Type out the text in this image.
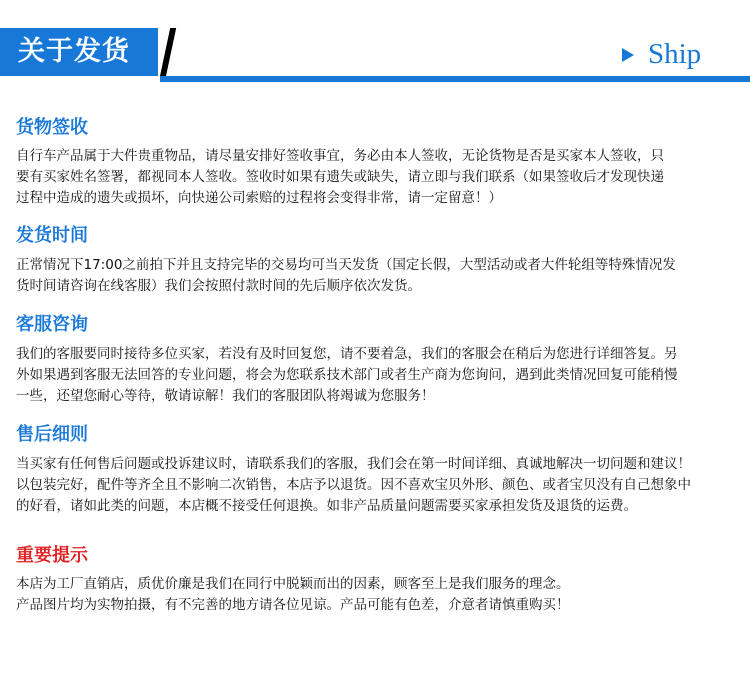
关于发货	Ship
货物签收
自行车产品属于大件贵重物品，请尽量安排好签收事宜，务必由本人签收，无论货物是否是买家本人签收，只
要有买家姓名签署，都视同本人签收。签收时如果有遗失或缺失，请立即与我们联系（如果签收后才发现快递
过程中造成的遗失或损坏，向快递公司索赔的过程将会变得非常，请一定留意！）
发货时间
正常情况下17:00之前拍下并且支持完毕的交易均可当天发货（国定长假，大型活动或者大件轮组等特殊情况发
货时间请咨询在线客服）我们会按照付款时间的先后顺序依次发货。
客服咨询
我们的客服要同时接待多位买家，若没有及时回复您，请不要着急，我们的客服会在稍后为您进行详细答复。另
外如果遇到客服无法回答的专业问题，将会为您联系技术部门或者生产商为您询问，遇到此类情况回复可能稍慢
一些，还望您耐心等待，敬请谅解！我们的客服团队将竭诚为您服务！
售后细则
当买家有任何售后问题或投诉建议时，请联系我们的客服，我们会在第一时间详细、真诚地解决一切问题和建议！
以包装完好，配件等齐全且不影响二次销售，本店予以退货。因不喜欢宝贝外形、颜色、或者宝贝没有自己想象中
的好看，诸如此类的问题，本店概不接受任何退换。如非产品质量问题需要买家承担发货及退货的运费。
重要提示
本店为工厂直销店，质优价廉是我们在同行中脱颖而出的因素，顾客至上是我们服务的理念。
产品图片均为实物拍摄，有不完善的地方请各位见谅。产品可能有色差，介意者请慎重购买！
